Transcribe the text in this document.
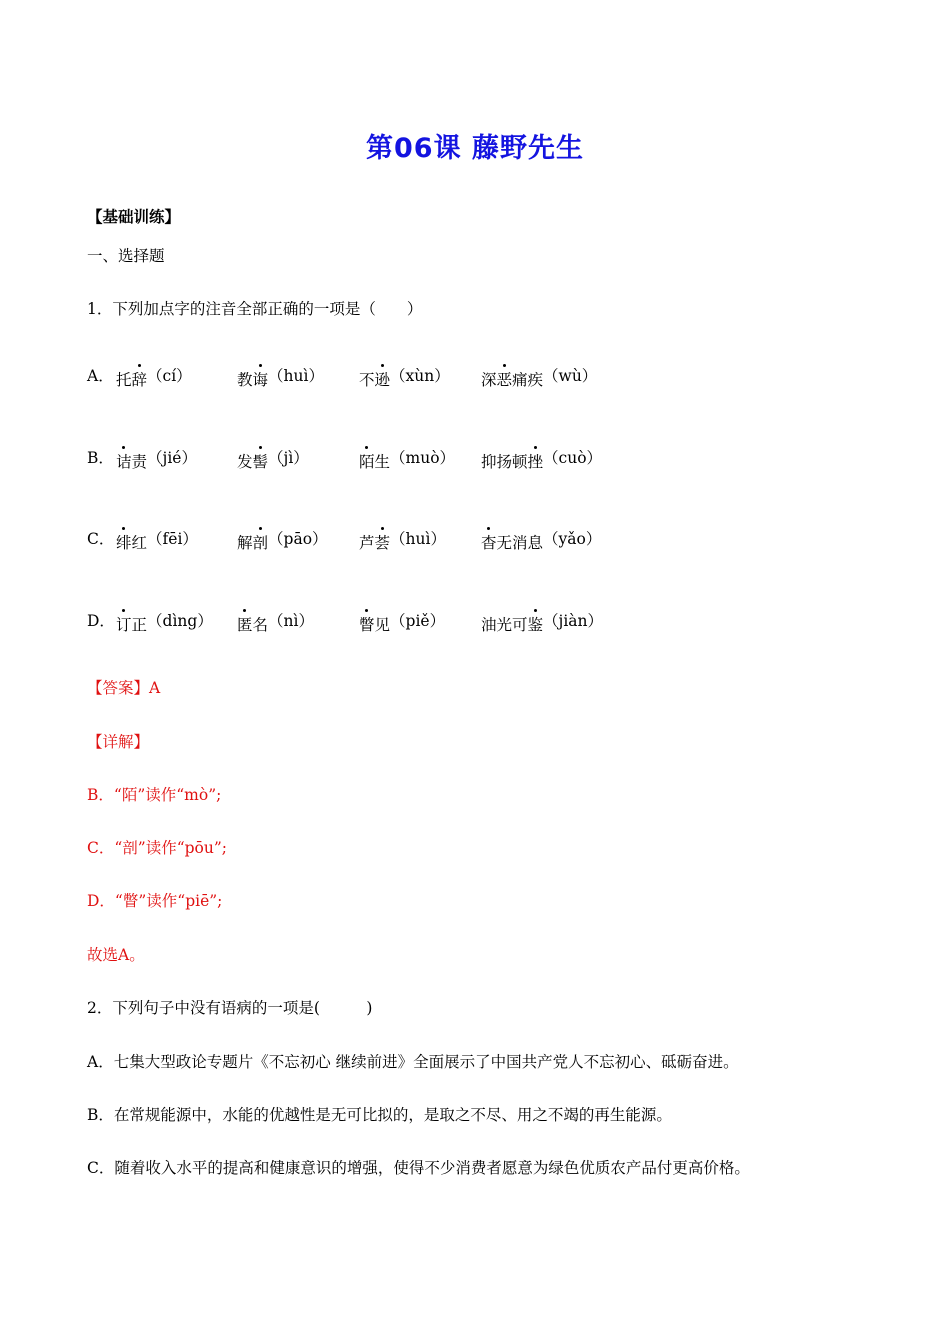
第06课 藤野先生
【基础训练】
一、选择题
1．下列加点字的注音全部正确的一项是（　　）
A． 托辞（cí）	教诲（huì） 不逊（xùn） 深恶痛疾（wù）
B． 诘责（jié）	发髻（jì）	陌生（muò） 抑扬顿挫（cuò）
C． 绯红（fēi）	解剖（pāo） 芦荟（huì） 杳无消息（yǎo）
D． 订正（dìng） 匿名（nì）	瞥见（piě） 油光可鉴（jiàn）
【答案】A
【详解】
B．“陌”读作“mò”;
C．“剖”读作“pōu”;
D．“瞥”读作“piē”;
故选A。
2．下列句子中没有语病的一项是(　　　)
A．七集大型政论专题片《不忘初心 继续前进》全面展示了中国共产党人不忘初心、砥砺奋进。
B．在常规能源中，水能的优越性是无可比拟的，是取之不尽、用之不竭的再生能源。
C．随着收入水平的提高和健康意识的增强，使得不少消费者愿意为绿色优质农产品付更高价格。
